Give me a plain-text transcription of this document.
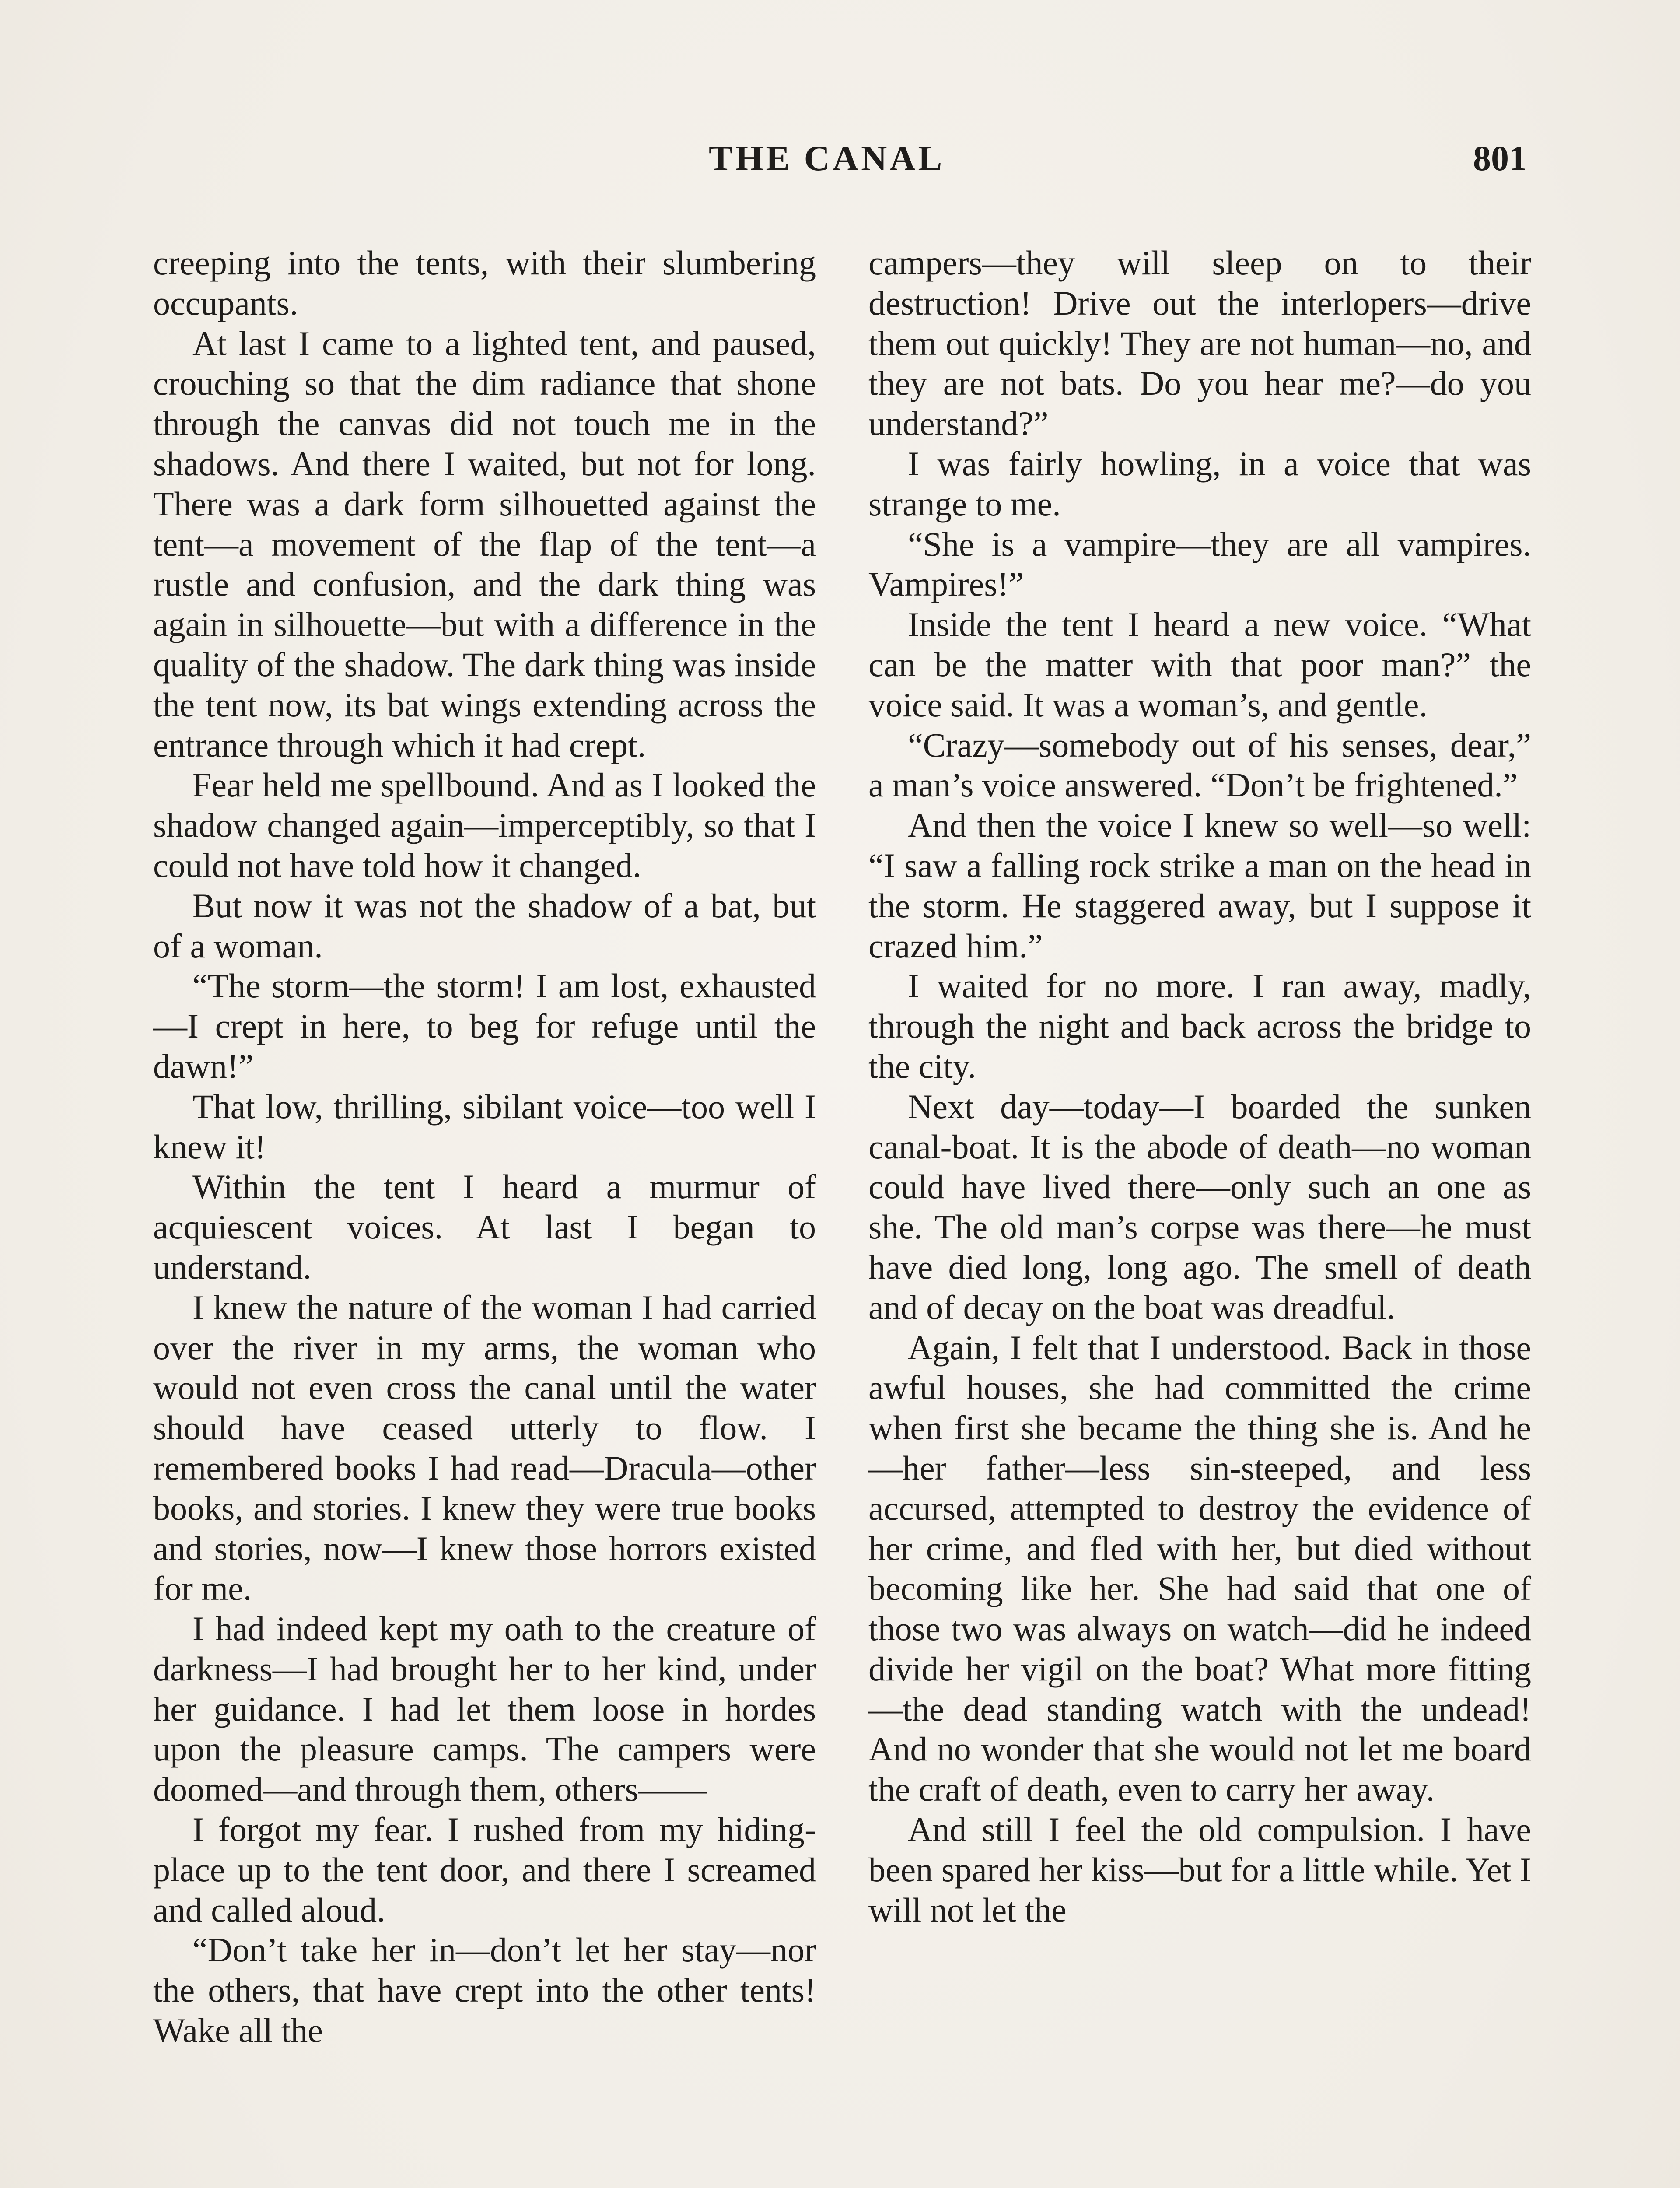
THE CANAL	801

creeping into the tents, with their slumbering occupants.

At last I came to a lighted tent, and paused, crouching so that the dim radiance that shone through the canvas did not touch me in the shadows. And there I waited, but not for long. There was a dark form silhouetted against the tent—a movement of the flap of the tent—a rustle and confusion, and the dark thing was again in silhouette—but with a difference in the quality of the shadow. The dark thing was inside the tent now, its bat wings extending across the entrance through which it had crept.

Fear held me spellbound. And as I looked the shadow changed again—imperceptibly, so that I could not have told how it changed.

But now it was not the shadow of a bat, but of a woman.

“The storm—the storm! I am lost, exhausted—I crept in here, to beg for refuge until the dawn!”

That low, thrilling, sibilant voice—too well I knew it!

Within the tent I heard a murmur of acquiescent voices. At last I began to understand.

I knew the nature of the woman I had carried over the river in my arms, the woman who would not even cross the canal until the water should have ceased utterly to flow. I remembered books I had read—Dracula—other books, and stories. I knew they were true books and stories, now—I knew those horrors existed for me.

I had indeed kept my oath to the creature of darkness—I had brought her to her kind, under her guidance. I had let them loose in hordes upon the pleasure camps. The campers were doomed—and through them, others——

I forgot my fear. I rushed from my hiding-place up to the tent door, and there I screamed and called aloud.

“Don’t take her in—don’t let her stay—nor the others, that have crept into the other tents! Wake all the

campers—they will sleep on to their destruction! Drive out the interlopers—drive them out quickly! They are not human—no, and they are not bats. Do you hear me?—do you understand?”

I was fairly howling, in a voice that was strange to me.

“She is a vampire—they are all vampires. Vampires!”

Inside the tent I heard a new voice. “What can be the matter with that poor man?” the voice said. It was a woman’s, and gentle.

“Crazy—somebody out of his senses, dear,” a man’s voice answered. “Don’t be frightened.”

And then the voice I knew so well—so well: “I saw a falling rock strike a man on the head in the storm. He staggered away, but I suppose it crazed him.”

I waited for no more. I ran away, madly, through the night and back across the bridge to the city.

Next day—today—I boarded the sunken canal-boat. It is the abode of death—no woman could have lived there—only such an one as she. The old man’s corpse was there—he must have died long, long ago. The smell of death and of decay on the boat was dreadful.

Again, I felt that I understood. Back in those awful houses, she had committed the crime when first she became the thing she is. And he—her father—less sin-steeped, and less accursed, attempted to destroy the evidence of her crime, and fled with her, but died without becoming like her. She had said that one of those two was always on watch—did he indeed divide her vigil on the boat? What more fitting—the dead standing watch with the undead! And no wonder that she would not let me board the craft of death, even to carry her away.

And still I feel the old compulsion. I have been spared her kiss—but for a little while. Yet I will not let the
